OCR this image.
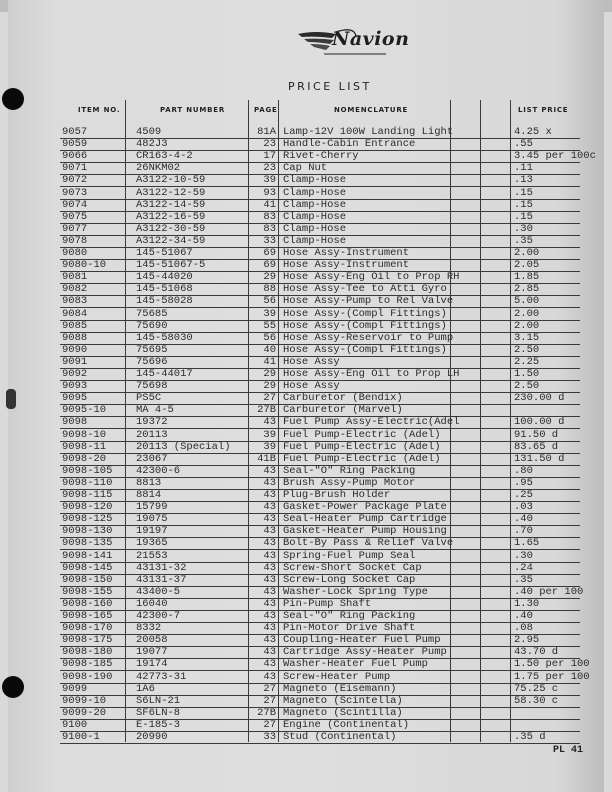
Navion
PRICE LIST
ITEM NO.	PART NUMBER	PAGE	NOMENCLATURE	LIST PRICE
9057	4509	81A Lamp-12V 100W Landing Light	4.25 x
9059	482J3	23 Handle-Cabin Entrance	.55
9066	CR163-4-2	17 Rivet-Cherry	3.45 per 100c
9071	26NKM02	23 Cap Nut	.11
9072	A3122-10-59	39 Clamp-Hose	.13
9073	A3122-12-59	93 Clamp-Hose	.15
9074	A3122-14-59	41 Clamp-Hose	.15
9075	A3122-16-59	83 Clamp-Hose	.15
9077	A3122-30-59	83 Clamp-Hose	.30
9078	A3122-34-59	33 Clamp-Hose	.35
9080	145-51067	69 Hose Assy-Instrument	2.00
9080-10	145-51067-5	69 Hose Assy-Instrument	2.05
9081	145-44020	29 Hose Assy-Eng Oil to Prop RH	1.85
9082	145-51068	88 Hose Assy-Tee to Atti Gyro	2.85
9083	145-58028	56 Hose Assy-Pump to Rel Valve	5.00
9084	75685	39 Hose Assy-(Compl Fittings)	2.00
9085	75690	55 Hose Assy-(Compl Fittings)	2.00
9088	145-58030	56 Hose Assy-Reservoir to Pump	3.15
9090	75695	40 Hose Assy-(Compl Fittings)	2.50
9091	75696	41 Hose Assy	2.25
9092	145-44017	29 Hose Assy-Eng Oil to Prop LH	1.50
9093	75698	29 Hose Assy	2.50
9095	PS5C	27 Carburetor (Bendix)	230.00 d
9095-10	MA 4-5	27B Carburetor (Marvel)
9098	19372	43 Fuel Pump Assy-Electric(Adel	100.00 d
9098-10	20113	39 Fuel Pump-Electric (Adel)	91.50 d
9098-11	20113 (Special)	39 Fuel Pump-Electric (Adel)	83.65 d
9098-20	23067	41B Fuel Pump-Electric (Adel)	131.50 d
9098-105 42300-6	43 Seal-"O" Ring Packing	.80
9098-110 8813	43 Brush Assy-Pump Motor	.95
9098-115 8814	43 Plug-Brush Holder	.25
9098-120 15799	43 Gasket-Power Package Plate	.03
9098-125 19075	43 Seal-Heater Pump Cartridge	.40
9098-130 19197	43 Gasket-Heater Pump Housing	.70
9098-135 19365	43 Bolt-By Pass & Relief Valve	1.65
9098-141 21553	43 Spring-Fuel Pump Seal	.30
9098-145 43131-32	43 Screw-Short Socket Cap	.24
9098-150 43131-37	43 Screw-Long Socket Cap	.35
9098-155 43400-5	43 Washer-Lock Spring Type	.40 per 100
9098-160 16040	43 Pin-Pump Shaft	1.30
9098-165 42300-7	43 Seal-"O" Ring Packing	.40
9098-170 8332	43 Pin-Motor Drive Shaft	.08
9098-175 20058	43 Coupling-Heater Fuel Pump	2.95
9098-180 19077	43 Cartridge Assy-Heater Pump	43.70 d
9098-185 19174	43 Washer-Heater Fuel Pump	1.50 per 100
9098-190 42773-31	43 Screw-Heater Pump	1.75 per 100
9099	1A6	27 Magneto (Eisemann)	75.25 c
9099-10	S6LN-21	27 Magneto (Scintella)	58.30 c
9099-20	SF6LN-8	27B Magneto (Scintilla)
9100	E-185-3	27 Engine (Continental)
9100-1	20990	33 Stud (Continental)	.35 d
PL 41
